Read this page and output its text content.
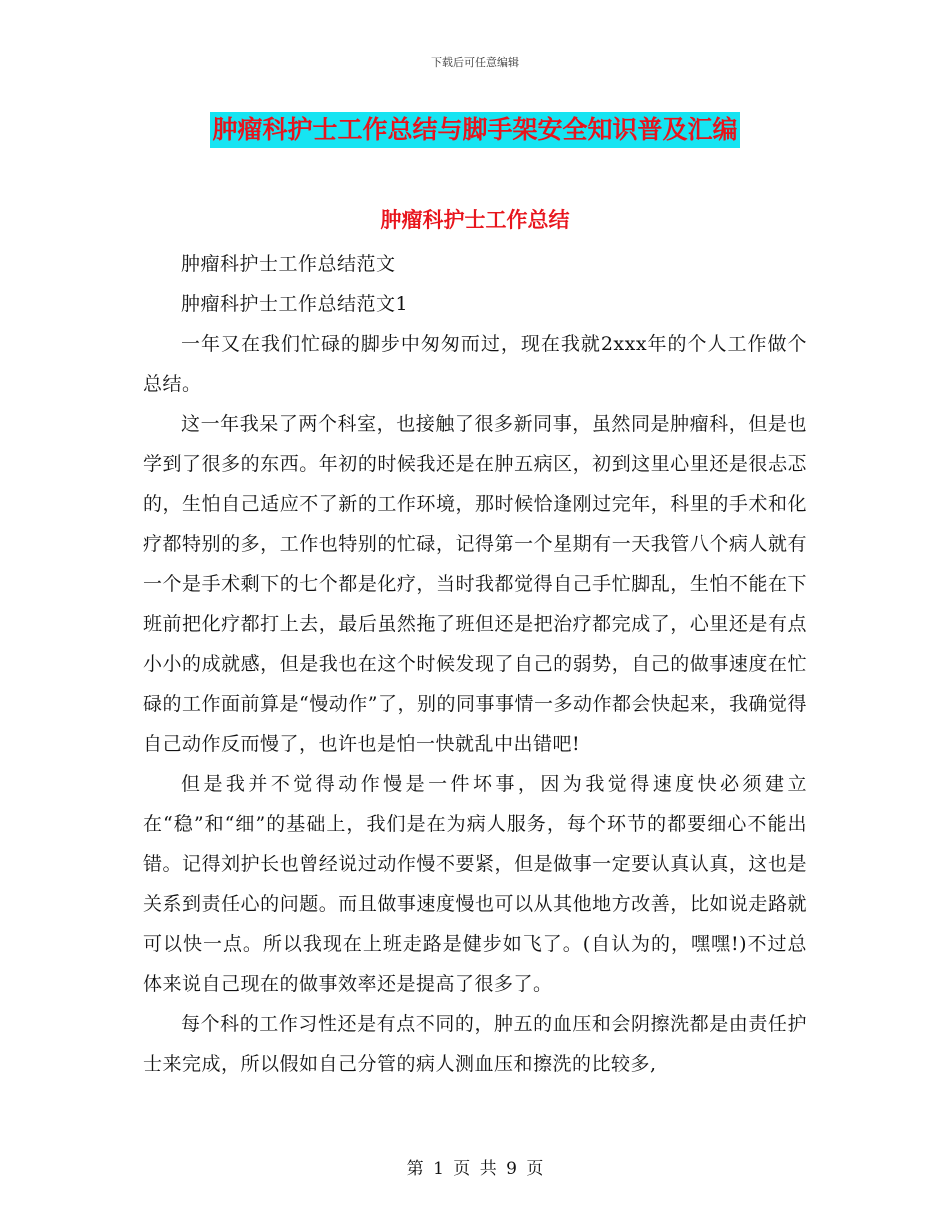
下载后可任意编辑
肿瘤科护士工作总结与脚手架安全知识普及汇编
肿瘤科护士工作总结

肿瘤科护士工作总结范文

肿瘤科护士工作总结范文1

一年又在我们忙碌的脚步中匆匆而过，现在我就2xxx年的个人工作做个总结。

这一年我呆了两个科室，也接触了很多新同事，虽然同是肿瘤科，但是也学到了很多的东西。年初的时候我还是在肿五病区，初到这里心里还是很忐忑的，生怕自己适应不了新的工作环境，那时候恰逢刚过完年，科里的手术和化疗都特别的多，工作也特别的忙碌，记得第一个星期有一天我管八个病人就有一个是手术剩下的七个都是化疗，当时我都觉得自己手忙脚乱，生怕不能在下班前把化疗都打上去，最后虽然拖了班但还是把治疗都完成了，心里还是有点小小的成就感，但是我也在这个时候发现了自己的弱势，自己的做事速度在忙碌的工作面前算是“慢动作”了，别的同事事情一多动作都会快起来，我确觉得自己动作反而慢了，也许也是怕一快就乱中出错吧!

但是我并不觉得动作慢是一件坏事，因为我觉得速度快必须建立在“稳”和“细”的基础上，我们是在为病人服务，每个环节的都要细心不能出错。记得刘护长也曾经说过动作慢不要紧，但是做事一定要认真认真，这也是关系到责任心的问题。而且做事速度慢也可以从其他地方改善，比如说走路就可以快一点。所以我现在上班走路是健步如飞了。(自认为的，嘿嘿!)不过总体来说自己现在的做事效率还是提高了很多了。

每个科的工作习性还是有点不同的，肿五的血压和会阴擦洗都是由责任护士来完成，所以假如自己分管的病人测血压和擦洗的比较多,

第 1 页 共 9 页
